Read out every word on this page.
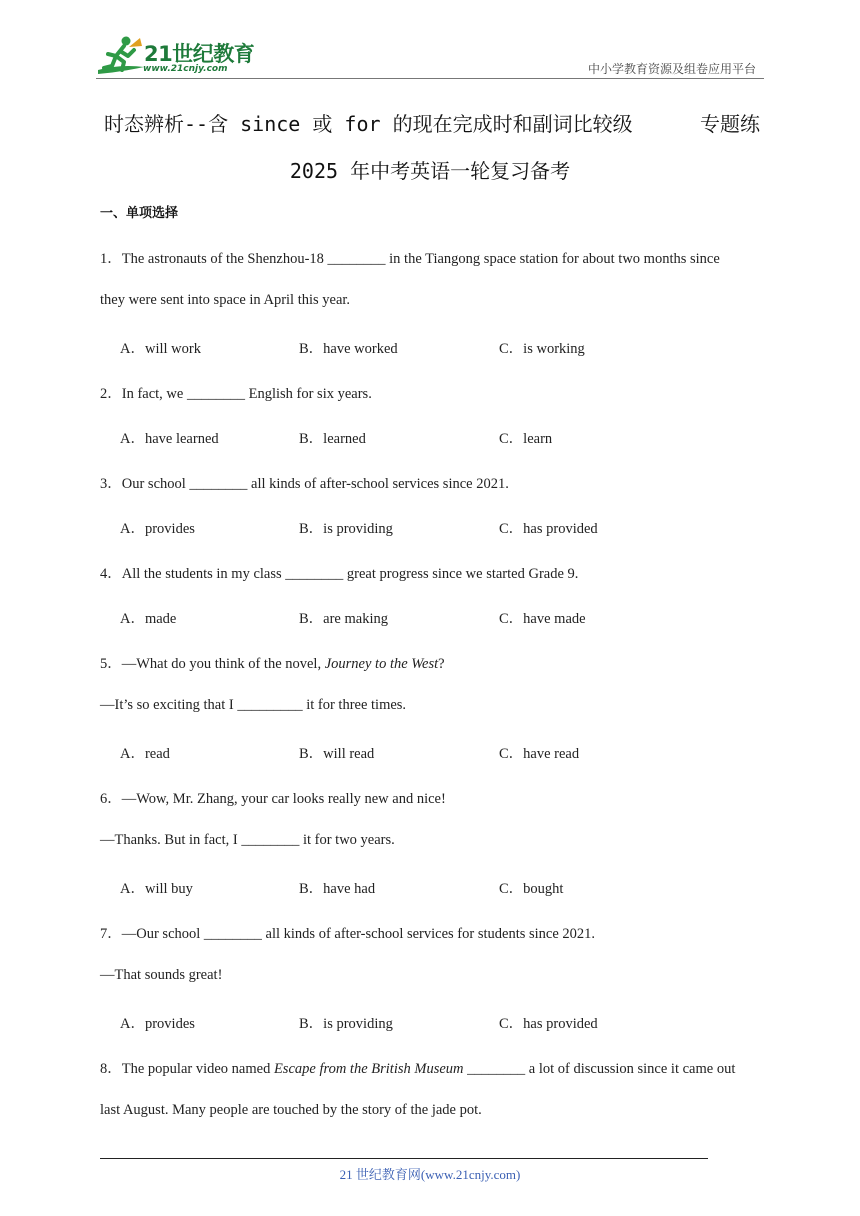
21世纪教育
www.21cnjy.com	中小学教育资源及组卷应用平台
时态辨析--含 since 或 for 的现在完成时和副词比较级	专题练
2025 年中考英语一轮复习备考
一、单项选择
1．The astronauts of the Shenzhou-18 ________ in the Tiangong space station for about two months since
they were sent into space in April this year.
A．will work	B．have worked	C．is working
2．In fact, we ________ English for six years.
A．have learned	B．learned	C．learn
3．Our school ________ all kinds of after-school services since 2021.
A．provides	B．is providing	C．has provided
4．All the students in my class ________ great progress since we started Grade 9.
A．made	B．are making	C．have made
5．—What do you think of the novel, Journey to the West?
—It’s so exciting that I _________ it for three times.
A．read	B．will read	C．have read
6．—Wow, Mr. Zhang, your car looks really new and nice!
—Thanks. But in fact, I ________ it for two years.
A．will buy	B．have had	C．bought
7．—Our school ________ all kinds of after-school services for students since 2021.
—That sounds great!
A．provides	B．is providing	C．has provided
8．The popular video named Escape from the British Museum ________ a lot of discussion since it came out
last August. Many people are touched by the story of the jade pot.
21 世纪教育网(www.21cnjy.com)
